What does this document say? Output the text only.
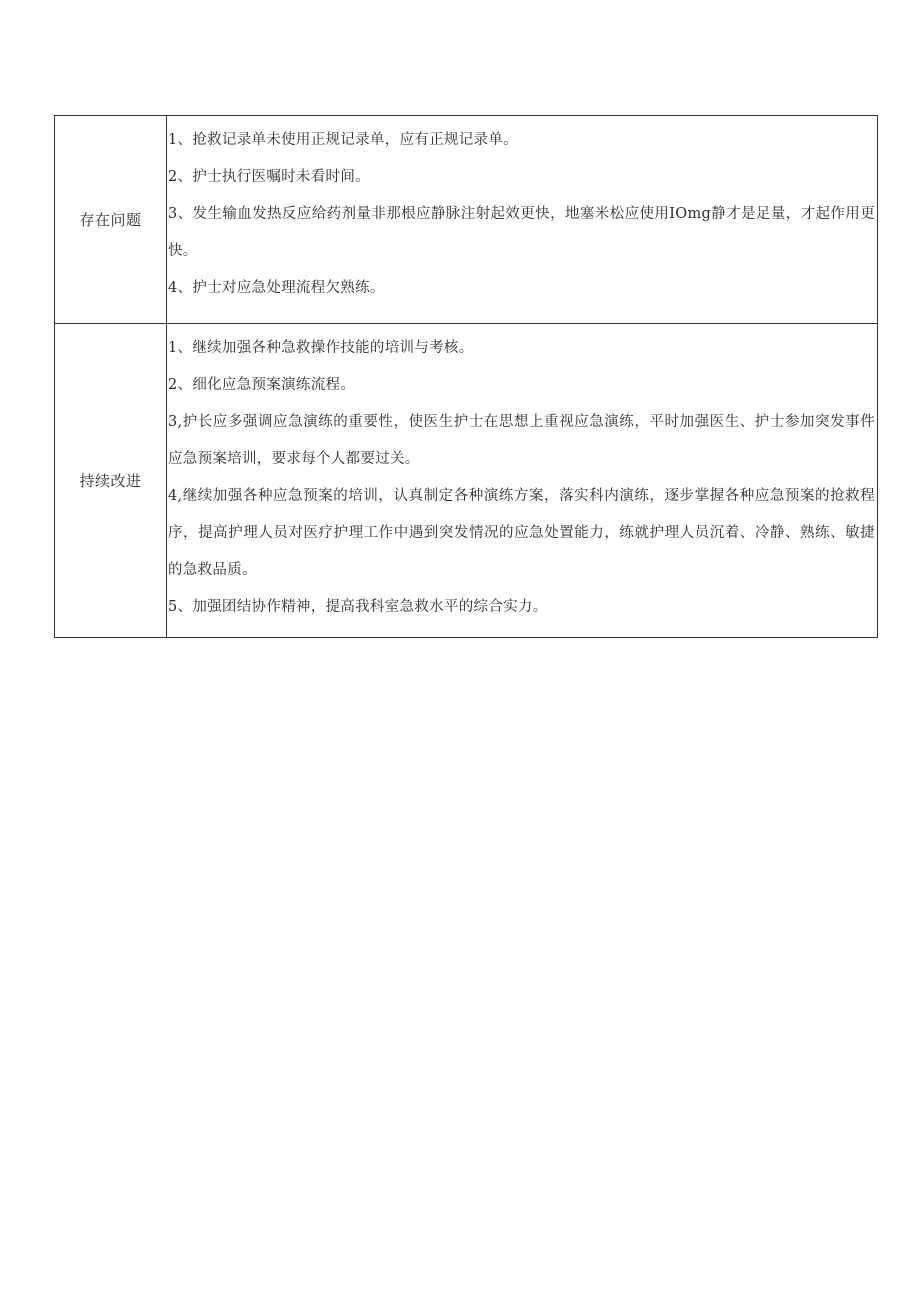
存在问题	1、抢救记录单未使用正规记录单，应有正规记录单。

2、护士执行医嘱时未看时间。

3、发生输血发热反应给药剂量非那根应静脉注射起效更快，地塞米松应使用IOmg静才是足量，才起作用更快。

4、护士对应急处理流程欠熟练。

持续改进	1、继续加强各种急救操作技能的培训与考核。

2、细化应急预案演练流程。

3,护长应多强调应急演练的重要性，使医生护士在思想上重视应急演练，平时加强医生、护士参加突发事件应急预案培训，要求每个人都要过关。

4,继续加强各种应急预案的培训，认真制定各种演练方案，落实科内演练，逐步掌握各种应急预案的抢救程序，提高护理人员对医疗护理工作中遇到突发情况的应急处置能力，练就护理人员沉着、冷静、熟练、敏捷的急救品质。

5、加强团结协作精神，提高我科室急救水平的综合实力。
